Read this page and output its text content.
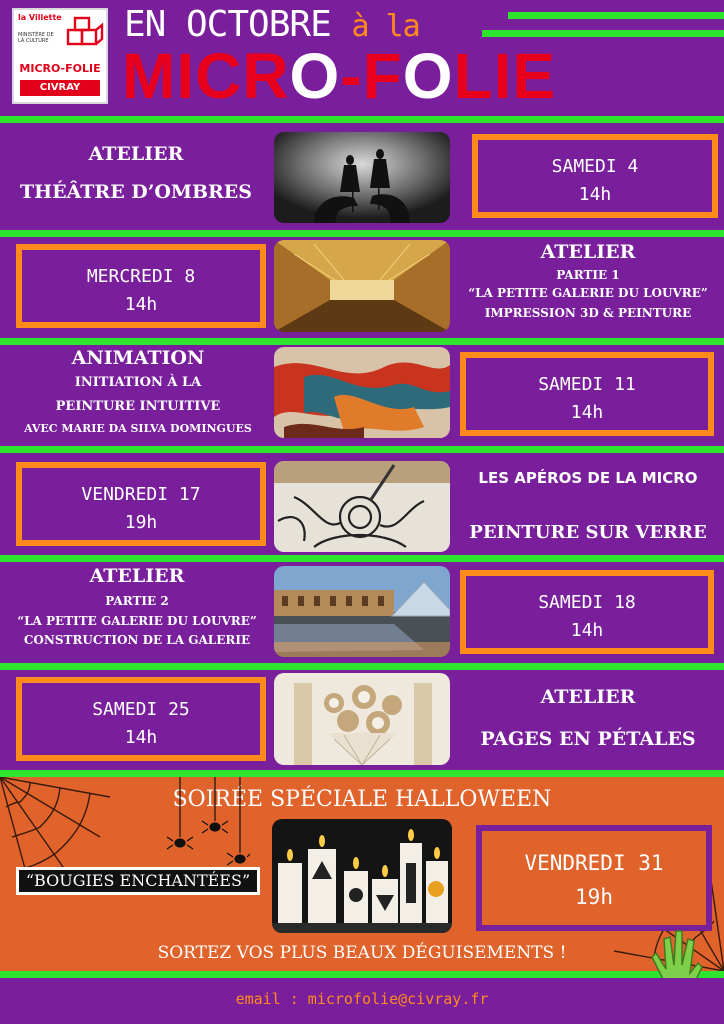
la Villette
MINISTÈRE DE LA CULTURE
MICRO-FOLIE
CIVRAY
EN OCTOBRE à la
MICRO-FOLIE
ATELIER
THÉÂTRE D’OMBRES
SAMEDI 4
14h
MERCREDI 8
14h
ATELIER
PARTIE 1
“LA PETITE GALERIE DU LOUVRE”
IMPRESSION 3D & PEINTURE
ANIMATION
INITIATION À LA
PEINTURE INTUITIVE
AVEC MARIE DA SILVA DOMINGUES
SAMEDI 11
14h
VENDREDI 17
19h
LES APÉROS DE LA MICRO
PEINTURE SUR VERRE
ATELIER
PARTIE 2
“LA PETITE GALERIE DU LOUVRE”
CONSTRUCTION DE LA GALERIE
SAMEDI 18
14h
SAMEDI 25
14h
ATELIER
PAGES EN PÉTALES
SOIRÉE SPÉCIALE HALLOWEEN
“BOUGIES ENCHANTÉES”
VENDREDI 31
19h
SORTEZ VOS PLUS BEAUX DÉGUISEMENTS !
email : microfolie@civray.fr
